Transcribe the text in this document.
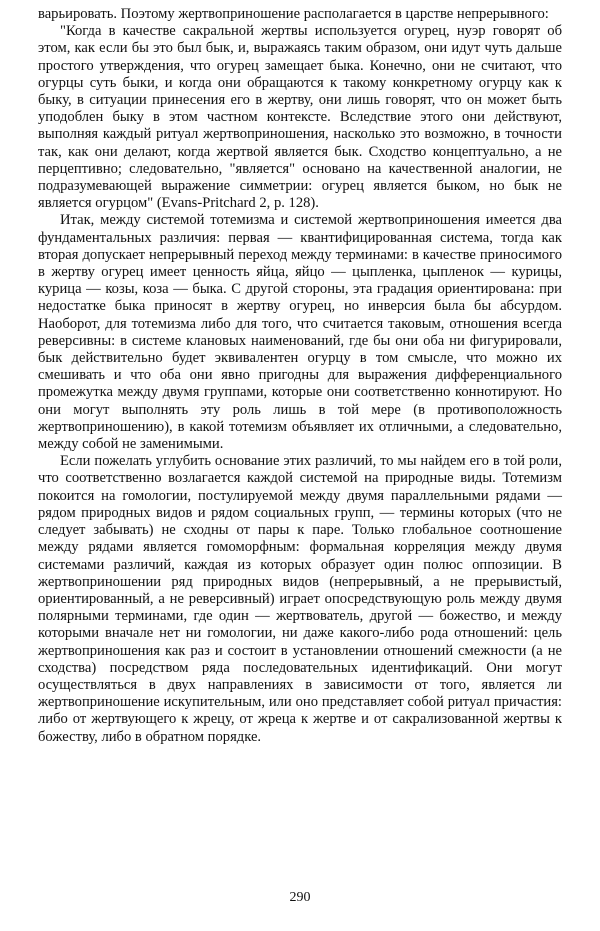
варьировать. Поэтому жертвоприношение располагается в царстве непрерывного:

"Когда в качестве сакральной жертвы используется огурец, нуэр говорят об этом, как если бы это был бык, и, выражаясь таким образом, они идут чуть дальше простого утверждения, что огурец замещает быка. Конечно, они не считают, что огурцы суть быки, и когда они обращаются к такому конкретному огурцу как к быку, в ситуации принесения его в жертву, они лишь говорят, что он может быть уподоблен быку в этом частном контексте. Вследствие этого они действуют, выполняя каждый ритуал жертвоприношения, насколько это возможно, в точности так, как они делают, когда жертвой является бык. Сходство концептуально, а не перцептивно; следовательно, "является" основано на качественной аналогии, не подразумевающей выражение симметрии: огурец является быком, но бык не является огурцом" (Evans-Pritchard 2, p. 128).

Итак, между системой тотемизма и системой жертвоприношения имеется два фундаментальных различия: первая — квантифицированная система, тогда как вторая допускает непрерывный переход между терминами: в качестве приносимого в жертву огурец имеет ценность яйца, яйцо — цыпленка, цыпленок — курицы, курица — козы, коза — быка. С другой стороны, эта градация ориентирована: при недостатке быка приносят в жертву огурец, но инверсия была бы абсурдом. Наоборот, для тотемизма либо для того, что считается таковым, отношения всегда реверсивны: в системе клановых наименований, где бы они оба ни фигурировали, бык действительно будет эквивалентен огурцу в том смысле, что можно их смешивать и что оба они явно пригодны для выражения дифференциального промежутка между двумя группами, которые они соответственно коннотируют. Но они могут выполнять эту роль лишь в той мере (в противоположность жертвоприношению), в какой тотемизм объявляет их отличными, а следовательно, между собой не заменимыми.

Если пожелать углубить основание этих различий, то мы найдем его в той роли, что соответственно возлагается каждой системой на природные виды. Тотемизм покоится на гомологии, постулируемой между двумя параллельными рядами — рядом природных видов и рядом социальных групп, — термины которых (что не следует забывать) не сходны от пары к паре. Только глобальное соотношение между рядами является гомоморфным: формальная корреляция между двумя системами различий, каждая из которых образует один полюс оппозиции. В жертвоприношении ряд природных видов (непрерывный, а не прерывистый, ориентированный, а не реверсивный) играет опосредствующую роль между двумя полярными терминами, где один — жертвователь, другой — божество, и между которыми вначале нет ни гомологии, ни даже какого-либо рода отношений: цель жертвоприношения как раз и состоит в установлении отношений смежности (а не сходства) посредством ряда последовательных идентификаций. Они могут осуществляться в двух направлениях в зависимости от того, является ли жертвоприношение искупительным, или оно представляет собой ритуал причастия: либо от жертвующего к жрецу, от жреца к жертве и от сакрализованной жертвы к божеству, либо в обратном порядке.

290
